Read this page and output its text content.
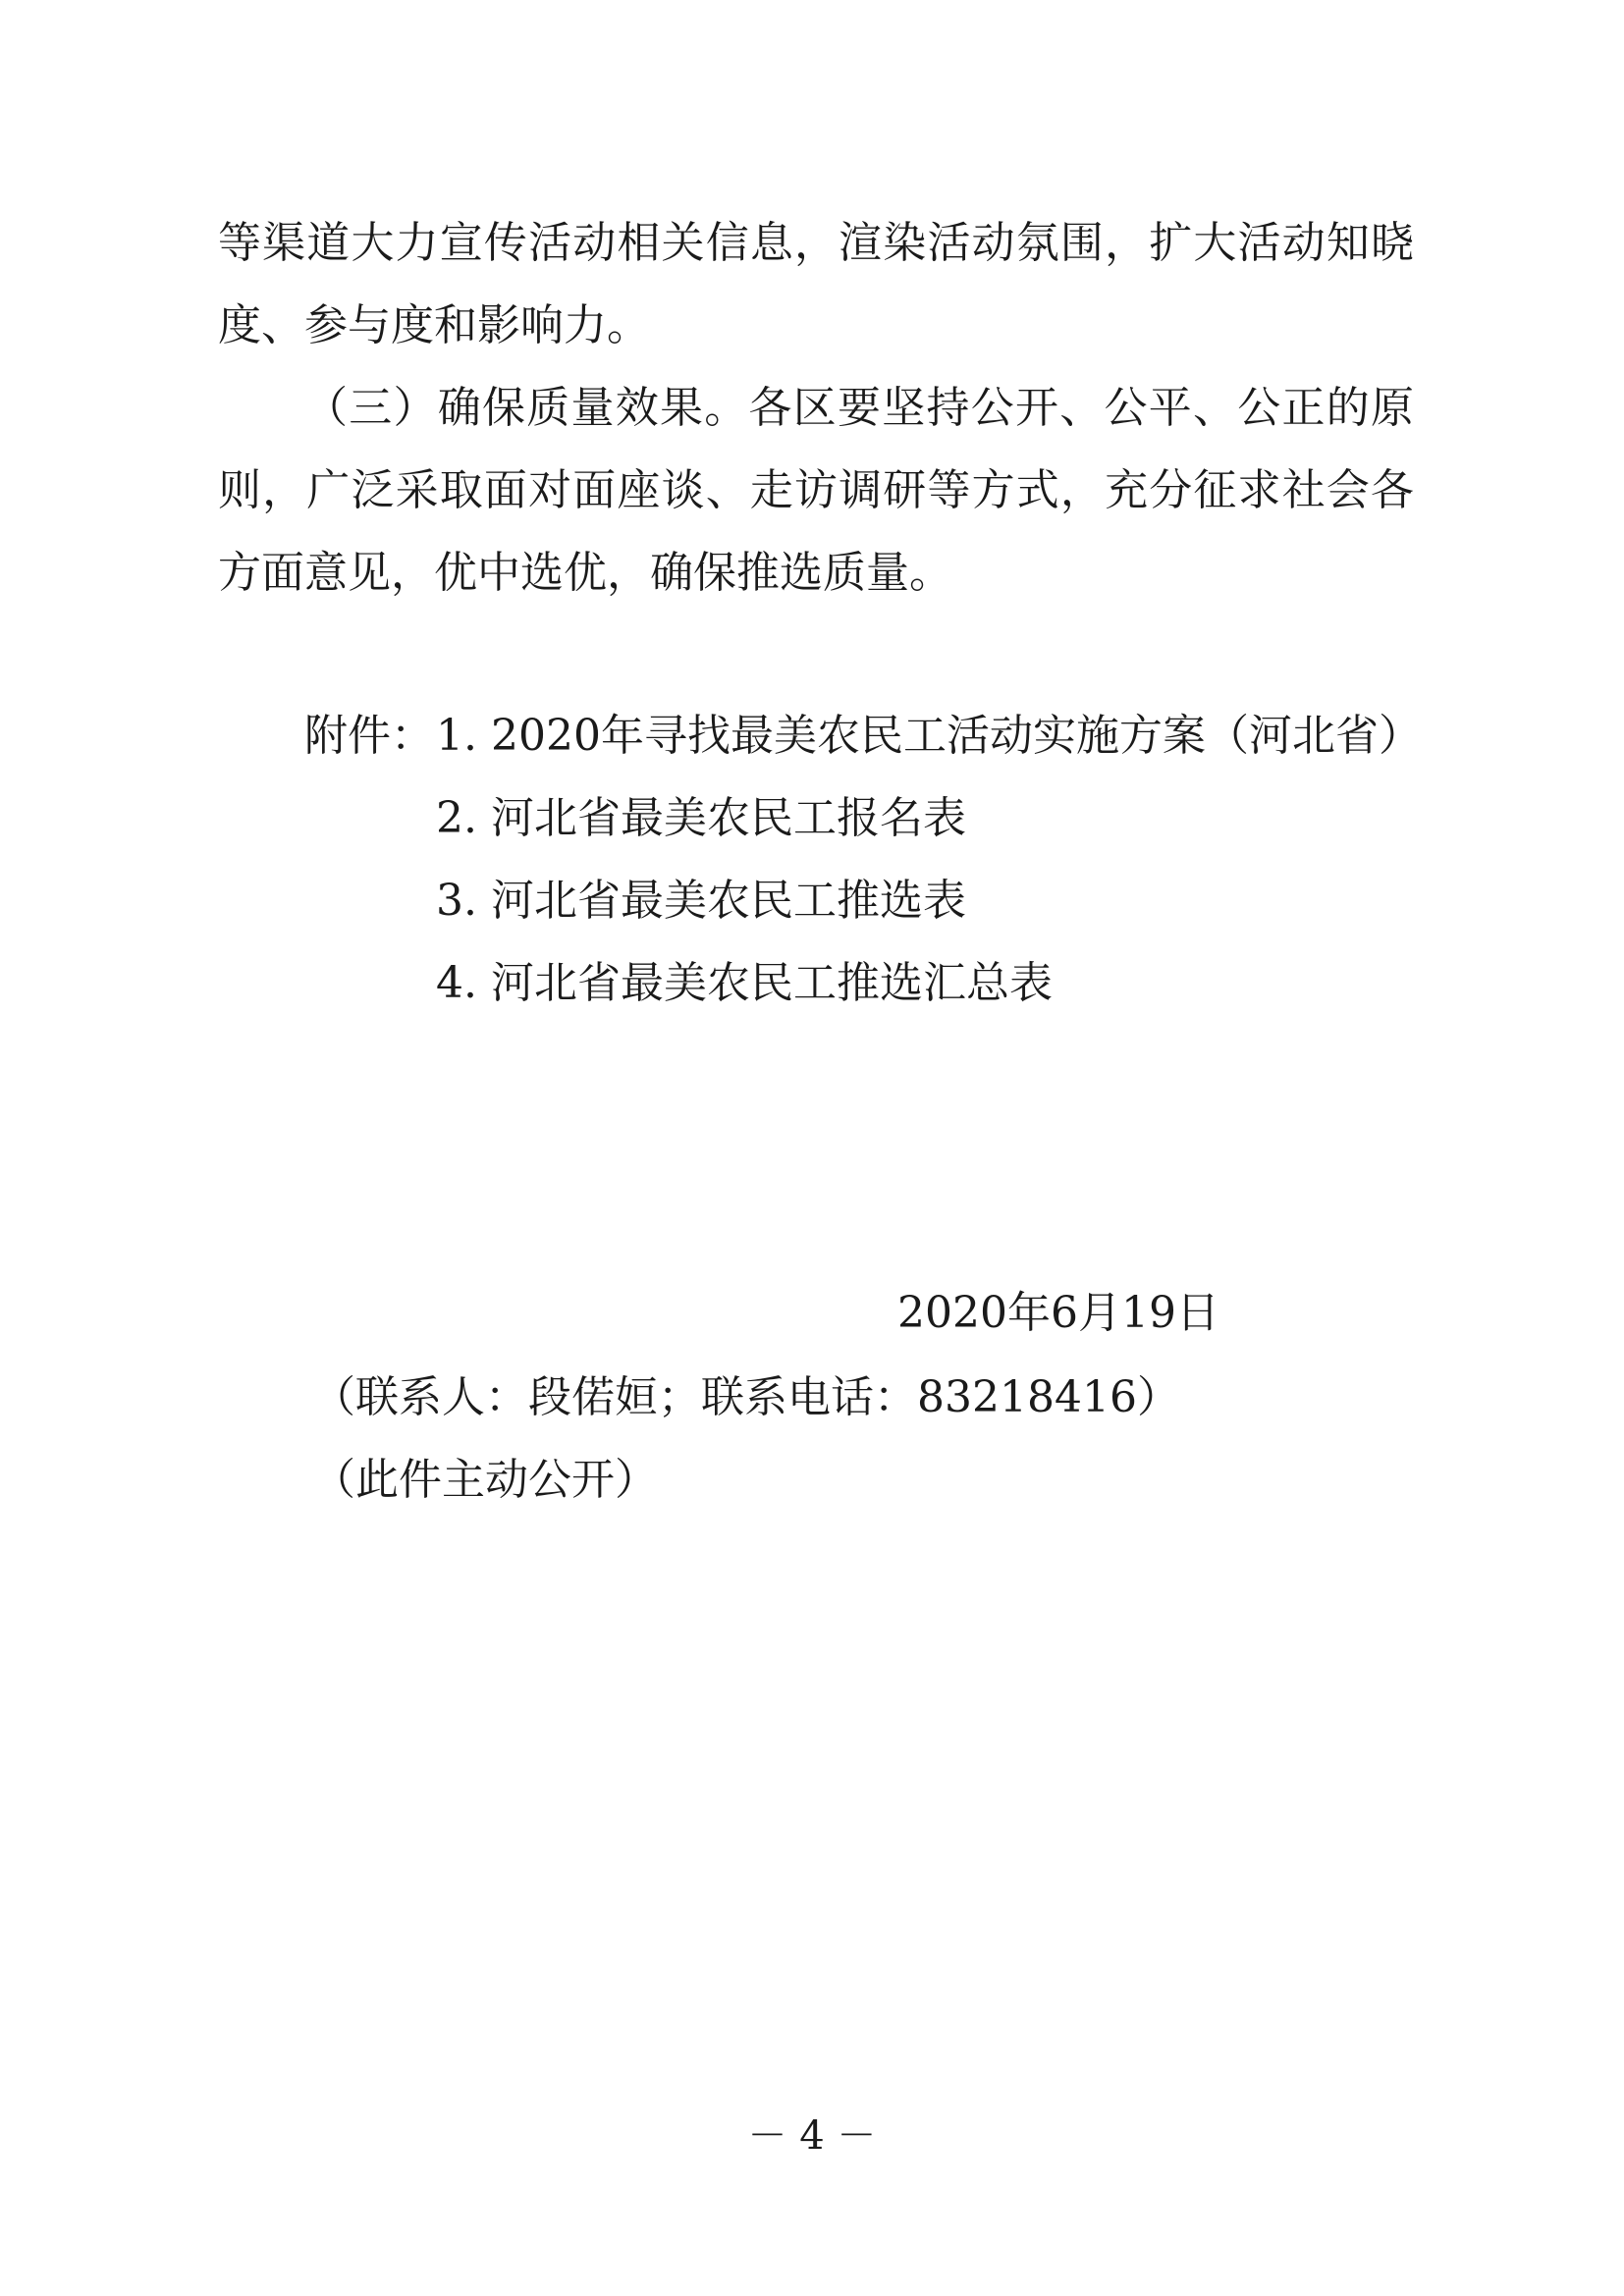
等渠道大力宣传活动相关信息，渲染活动氛围，扩大活动知晓
度、参与度和影响力。
（三）确保质量效果。各区要坚持公开、公平、公正的原
则，广泛采取面对面座谈、走访调研等方式，充分征求社会各
方面意见，优中选优，确保推选质量。
附件： 1. 2020年寻找最美农民工活动实施方案（河北省）
2. 河北省最美农民工报名表
3. 河北省最美农民工推选表
4. 河北省最美农民工推选汇总表
2020年6月19日
（联系人：段偌姮；联系电话：83218416）
（此件主动公开）
－ 4 －
